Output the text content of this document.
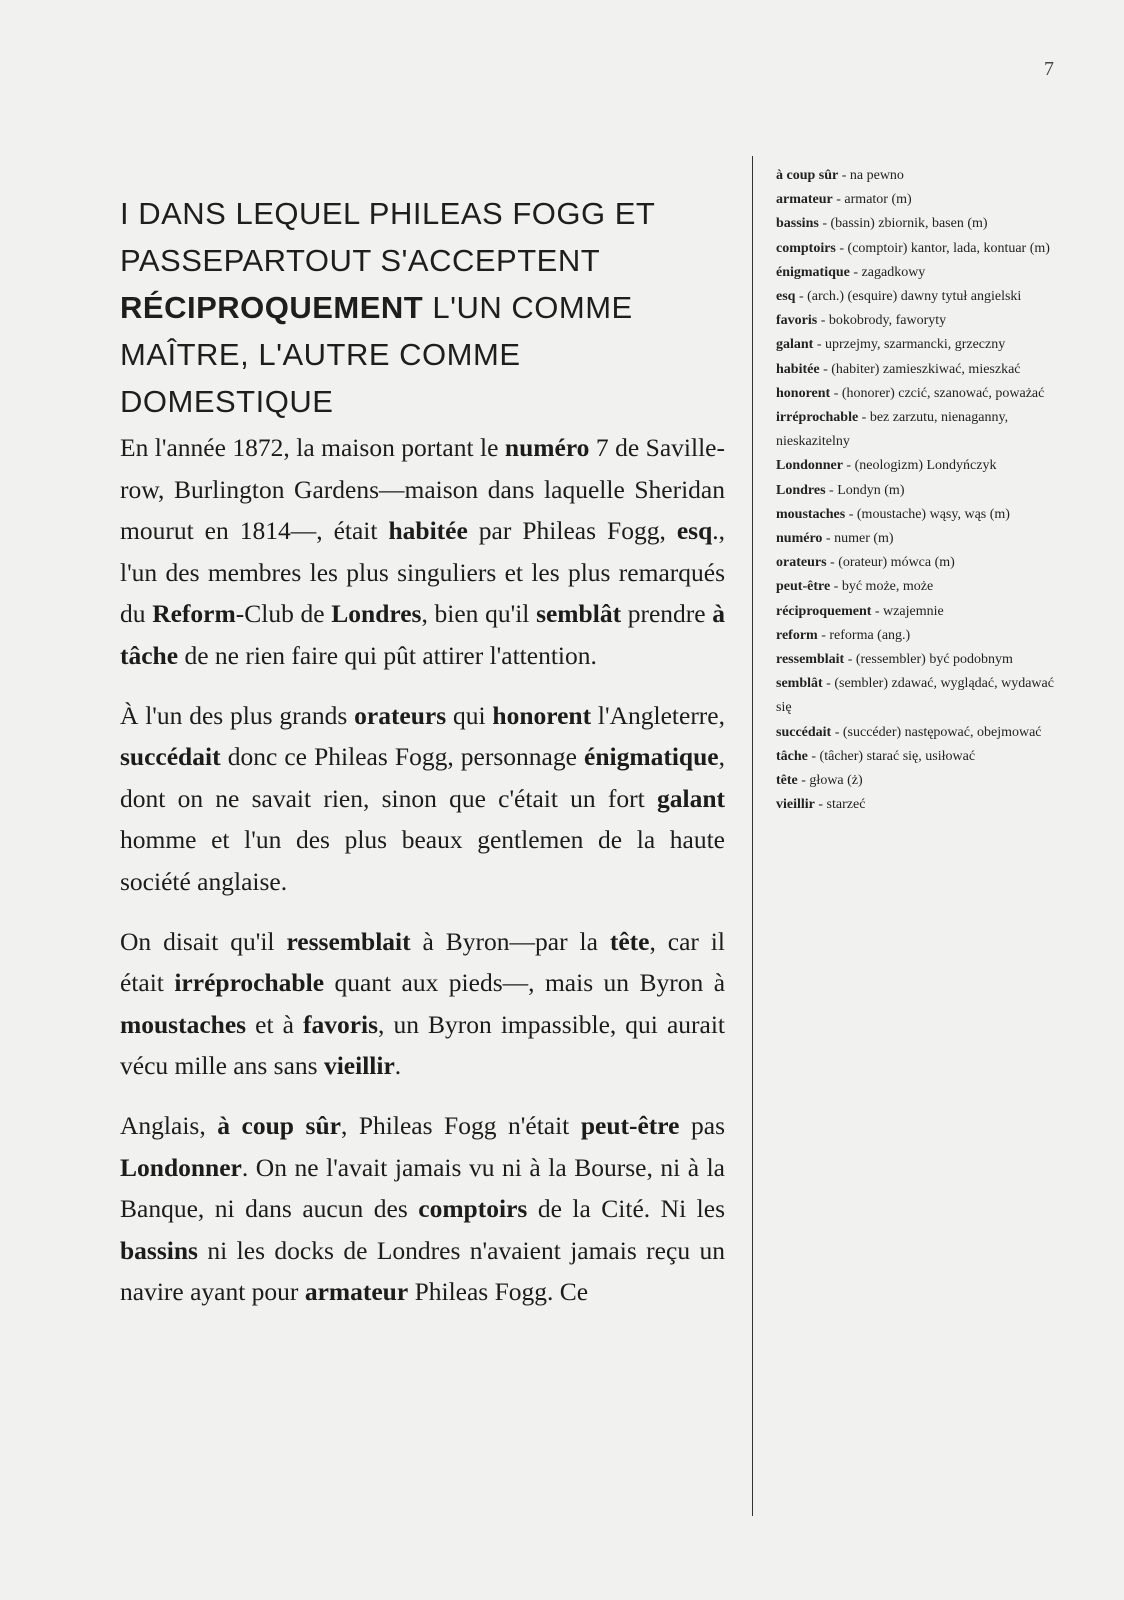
7
I DANS LEQUEL PHILEAS FOGG ET PASSEPARTOUT S'ACCEPTENT RÉCIPROQUEMENT L'UN COMME MAÎTRE, L'AUTRE COMME DOMESTIQUE

En l'année 1872, la maison portant le numéro 7 de Saville-row, Burlington Gardens—maison dans laquelle Sheridan mourut en 1814—, était habitée par Phileas Fogg, esq., l'un des membres les plus singuliers et les plus remarqués du Reform-Club de Londres, bien qu'il semblât prendre à tâche de ne rien faire qui pût attirer l'attention.

À l'un des plus grands orateurs qui honorent l'Angleterre, succédait donc ce Phileas Fogg, personnage énigmatique, dont on ne savait rien, sinon que c'était un fort galant homme et l'un des plus beaux gentlemen de la haute société anglaise.

On disait qu'il ressemblait à Byron—par la tête, car il était irréprochable quant aux pieds—, mais un Byron à moustaches et à favoris, un Byron impassible, qui aurait vécu mille ans sans vieillir.

Anglais, à coup sûr, Phileas Fogg n'était peut-être pas Londonner. On ne l'avait jamais vu ni à la Bourse, ni à la Banque, ni dans aucun des comptoirs de la Cité. Ni les bassins ni les docks de Londres n'avaient jamais reçu un navire ayant pour armateur Phileas Fogg. Ce

à coup sûr - na pewno
armateur - armator (m)
bassins - (bassin) zbiornik, basen (m)
comptoirs - (comptoir) kantor, lada, kontuar (m)
énigmatique - zagadkowy
esq - (arch.) (esquire) dawny tytuł angielski
favoris - bokobrody, faworyty
galant - uprzejmy, szarmancki, grzeczny
habitée - (habiter) zamieszkiwać, mieszkać
honorent - (honorer) czcić, szanować, poważać
irréprochable - bez zarzutu, nienaganny, nieskazitelny
Londonner - (neologizm) Londyńczyk
Londres - Londyn (m)
moustaches - (moustache) wąsy, wąs (m)
numéro - numer (m)
orateurs - (orateur) mówca (m)
peut-être - być może, może
réciproquement - wzajemnie
reform - reforma (ang.)
ressemblait - (ressembler) być podobnym
semblât - (sembler) zdawać, wyglądać, wydawać się
succédait - (succéder) następować, obejmować
tâche - (tâcher) starać się, usiłować
tête - głowa (ż)
vieillir - starzeć
